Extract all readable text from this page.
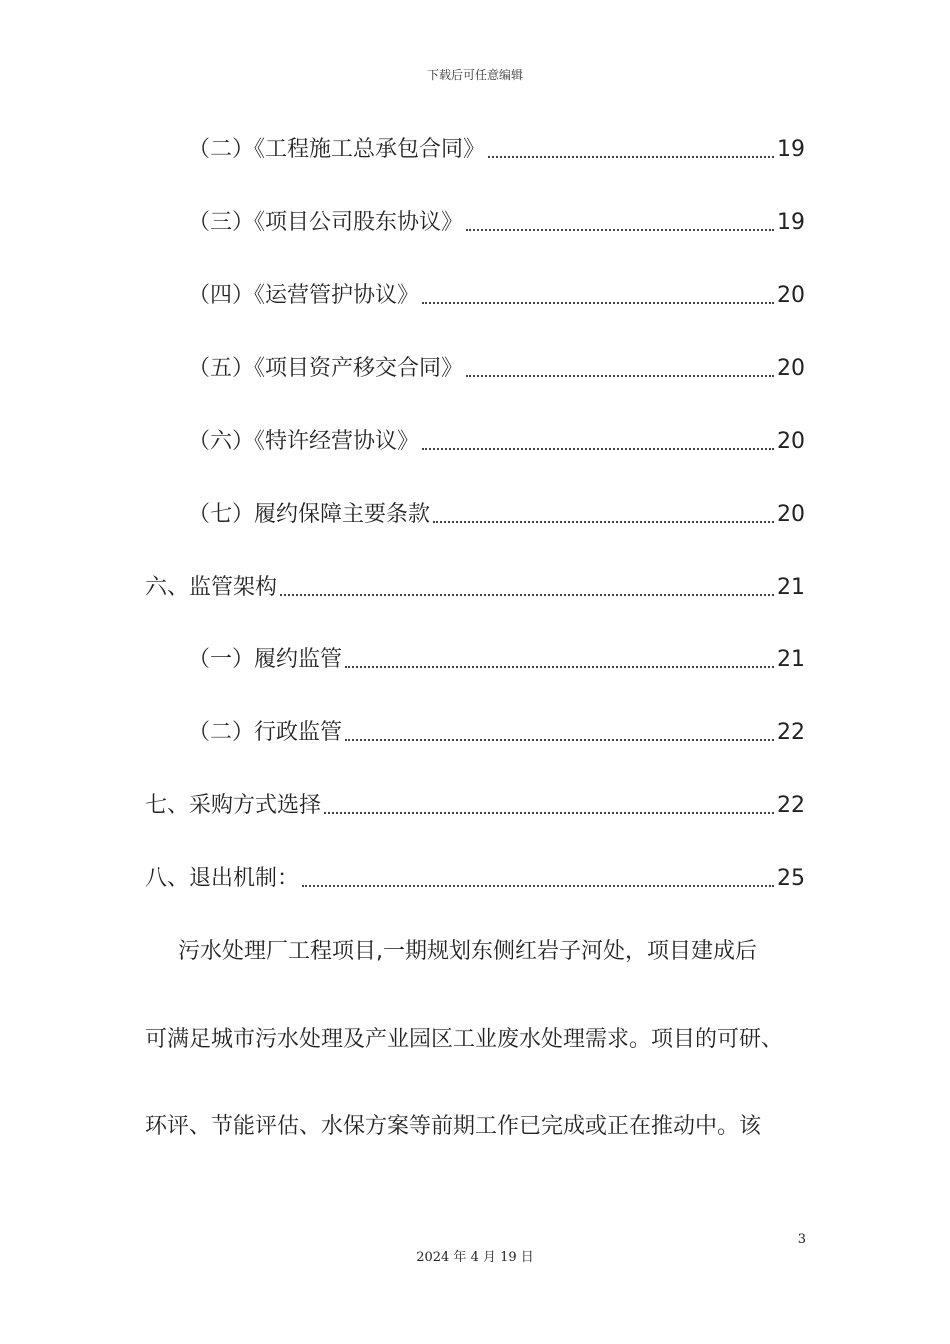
下载后可任意编辑
（二）《工程施工总承包合同》	19
（三）《项目公司股东协议》	19
（四）《运营管护协议》	20
（五）《项目资产移交合同》	20
（六）《特许经营协议》	20
（七）履约保障主要条款	20
六、监管架构	21
（一）履约监管	21
（二）行政监管	22
七、采购方式选择	22
八、退出机制：	25
污水处理厂工程项目,一期规划东侧红岩子河处，项目建成后
可满足城市污水处理及产业园区工业废水处理需求。项目的可研、
环评、节能评估、水保方案等前期工作已完成或正在推动中。该
3
2024 年 4 月 19 日
